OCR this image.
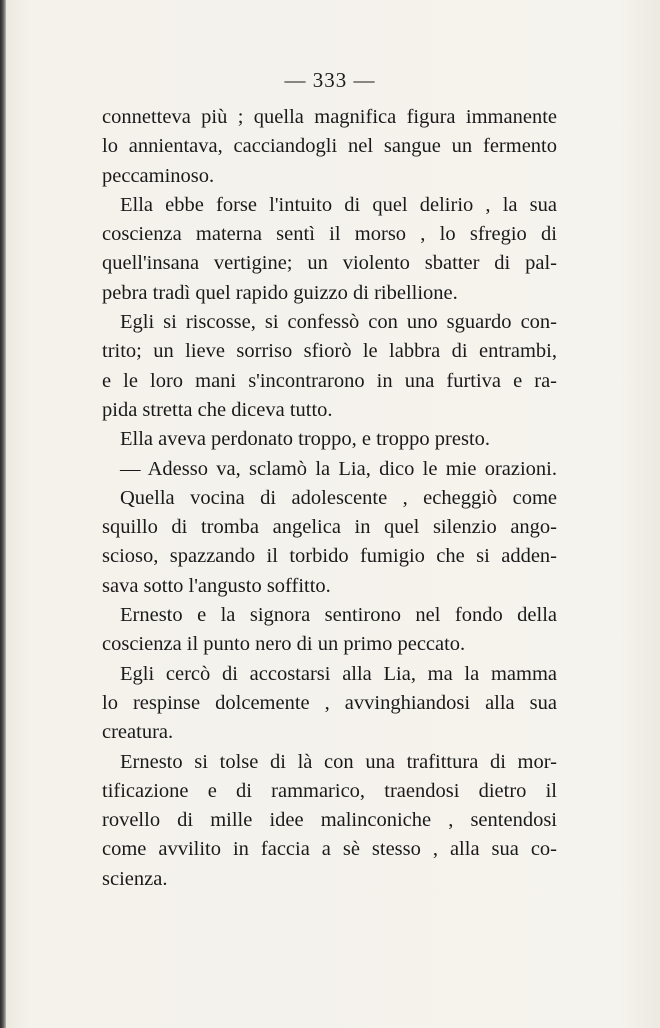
— 333 —
connetteva più ; quella magnifica figura immanente
lo annientava, cacciandogli nel sangue un fermento
peccaminoso.
Ella ebbe forse l'intuito di quel delirio , la sua
coscienza materna sentì il morso , lo sfregio di
quell'insana vertigine; un violento sbatter di pal-
pebra tradì quel rapido guizzo di ribellione.
Egli si riscosse, si confessò con uno sguardo con-
trito; un lieve sorriso sfiorò le labbra di entrambi,
e le loro mani s'incontrarono in una furtiva e ra-
pida stretta che diceva tutto.
Ella aveva perdonato troppo, e troppo presto.
— Adesso va, sclamò la Lia, dico le mie orazioni.
Quella vocina di adolescente , echeggiò come
squillo di tromba angelica in quel silenzio ango-
scioso, spazzando il torbido fumigio che si adden-
sava sotto l'angusto soffitto.
Ernesto e la signora sentirono nel fondo della
coscienza il punto nero di un primo peccato.
Egli cercò di accostarsi alla Lia, ma la mamma
lo respinse dolcemente , avvinghiandosi alla sua
creatura.
Ernesto si tolse di là con una trafittura di mor-
tificazione e di rammarico, traendosi dietro il
rovello di mille idee malinconiche , sentendosi
come avvilito in faccia a sè stesso , alla sua co-
scienza.
